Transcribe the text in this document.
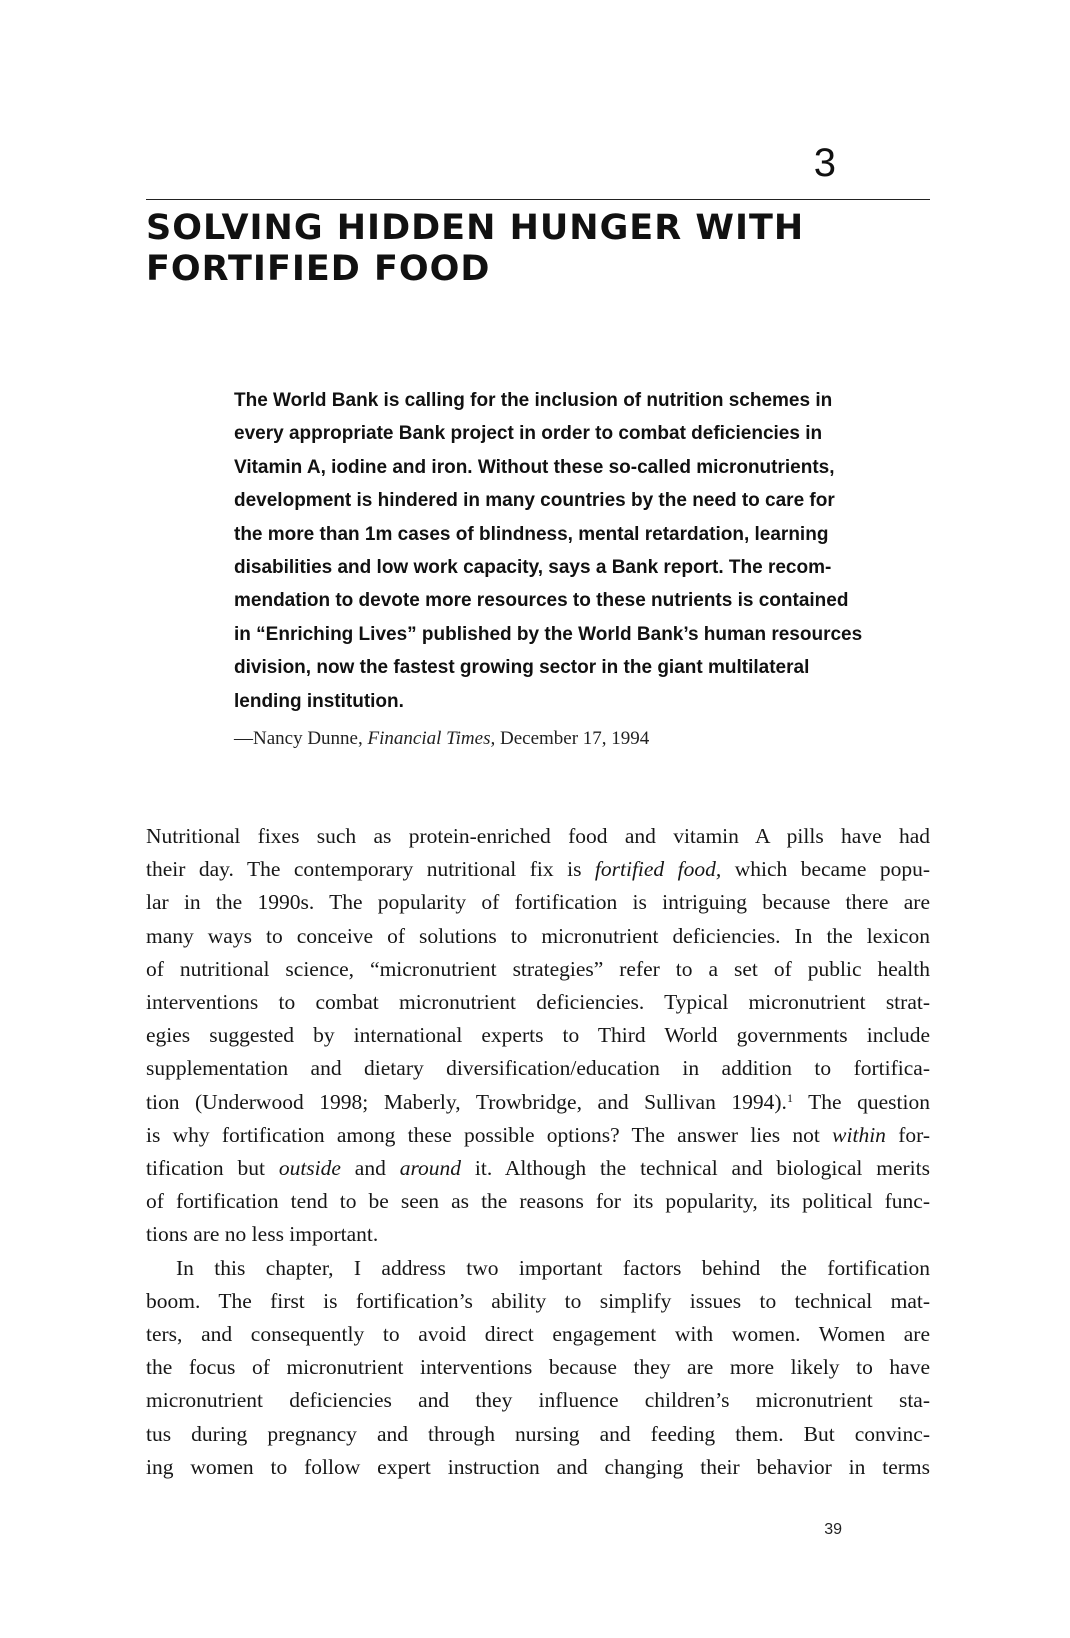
3
SOLVING HIDDEN HUNGER WITH
FORTIFIED FOOD
The World Bank is calling for the inclusion of nutrition schemes in
every appropriate Bank project in order to combat deficiencies in
Vitamin A, iodine and iron. Without these so-called micronutrients,
development is hindered in many countries by the need to care for
the more than 1m cases of blindness, mental retardation, learning
disabilities and low work capacity, says a Bank report. The recom-
mendation to devote more resources to these nutrients is contained
in “Enriching Lives” published by the World Bank’s human resources
division, now the fastest growing sector in the giant multilateral
lending institution.
—Nancy Dunne, Financial Times, December 17, 1994
Nutritional fixes such as protein-enriched food and vitamin A pills have had
their day. The contemporary nutritional fix is fortified food, which became popu-
lar in the 1990s. The popularity of fortification is intriguing because there are
many ways to conceive of solutions to micronutrient deficiencies. In the lexicon
of nutritional science, “micronutrient strategies” refer to a set of public health
interventions to combat micronutrient deficiencies. Typical micronutrient strat-
egies suggested by international experts to Third World governments include
supplementation and dietary diversification/education in addition to fortifica-
tion (Underwood 1998; Maberly, Trowbridge, and Sullivan 1994).$^1$ The question
is why fortification among these possible options? The answer lies not within for-
tification but outside and around it. Although the technical and biological merits
of fortification tend to be seen as the reasons for its popularity, its political func-
tions are no less important.
In this chapter, I address two important factors behind the fortification
boom. The first is fortification’s ability to simplify issues to technical mat-
ters, and consequently to avoid direct engagement with women. Women are
the focus of micronutrient interventions because they are more likely to have
micronutrient deficiencies and they influence children’s micronutrient sta-
tus during pregnancy and through nursing and feeding them. But convinc-
ing women to follow expert instruction and changing their behavior in terms
39
